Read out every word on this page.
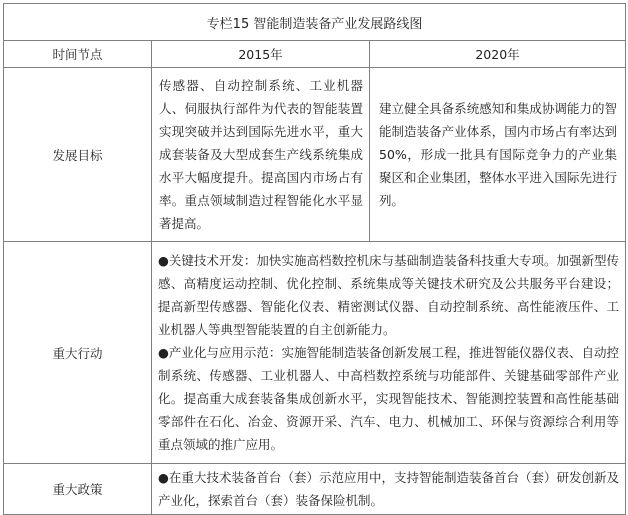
专栏15 智能制造装备产业发展路线图		
时间节点	2015年	2020年
发展目标	传感器、自动控制系统、工业机器人、伺服执行部件为代表的智能装置实现突破并达到国际先进水平，重大成套装备及大型成套生产线系统集成水平大幅度提升。提高国内市场占有率。重点领域制造过程智能化水平显著提高。	建立健全具备系统感知和集成协调能力的智能制造装备产业体系，国内市场占有率达到50%，形成一批具有国际竞争力的产业集聚区和企业集团，整体水平进入国际先进行列。
重大行动	●关键技术开发：加快实施高档数控机床与基础制造装备科技重大专项。加强新型传感、高精度运动控制、优化控制、系统集成等关键技术研究及公共服务平台建设；提高新型传感器、智能化仪表、精密测试仪器、自动控制系统、高性能液压件、工业机器人等典型智能装置的自主创新能力。
●产业化与应用示范：实施智能制造装备创新发展工程，推进智能仪器仪表、自动控制系统、传感器、工业机器人、中高档数控系统与功能部件、关键基础零部件产业化。提高重大成套装备集成创新水平，实现智能技术、智能测控装置和高性能基础零部件在石化、冶金、资源开采、汽车、电力、机械加工、环保与资源综合利用等重点领域的推广应用。	

重大政策	●在重大技术装备首台（套）示范应用中，支持智能制造装备首台（套）研发创新及产业化，探索首台（套）装备保险机制。	
